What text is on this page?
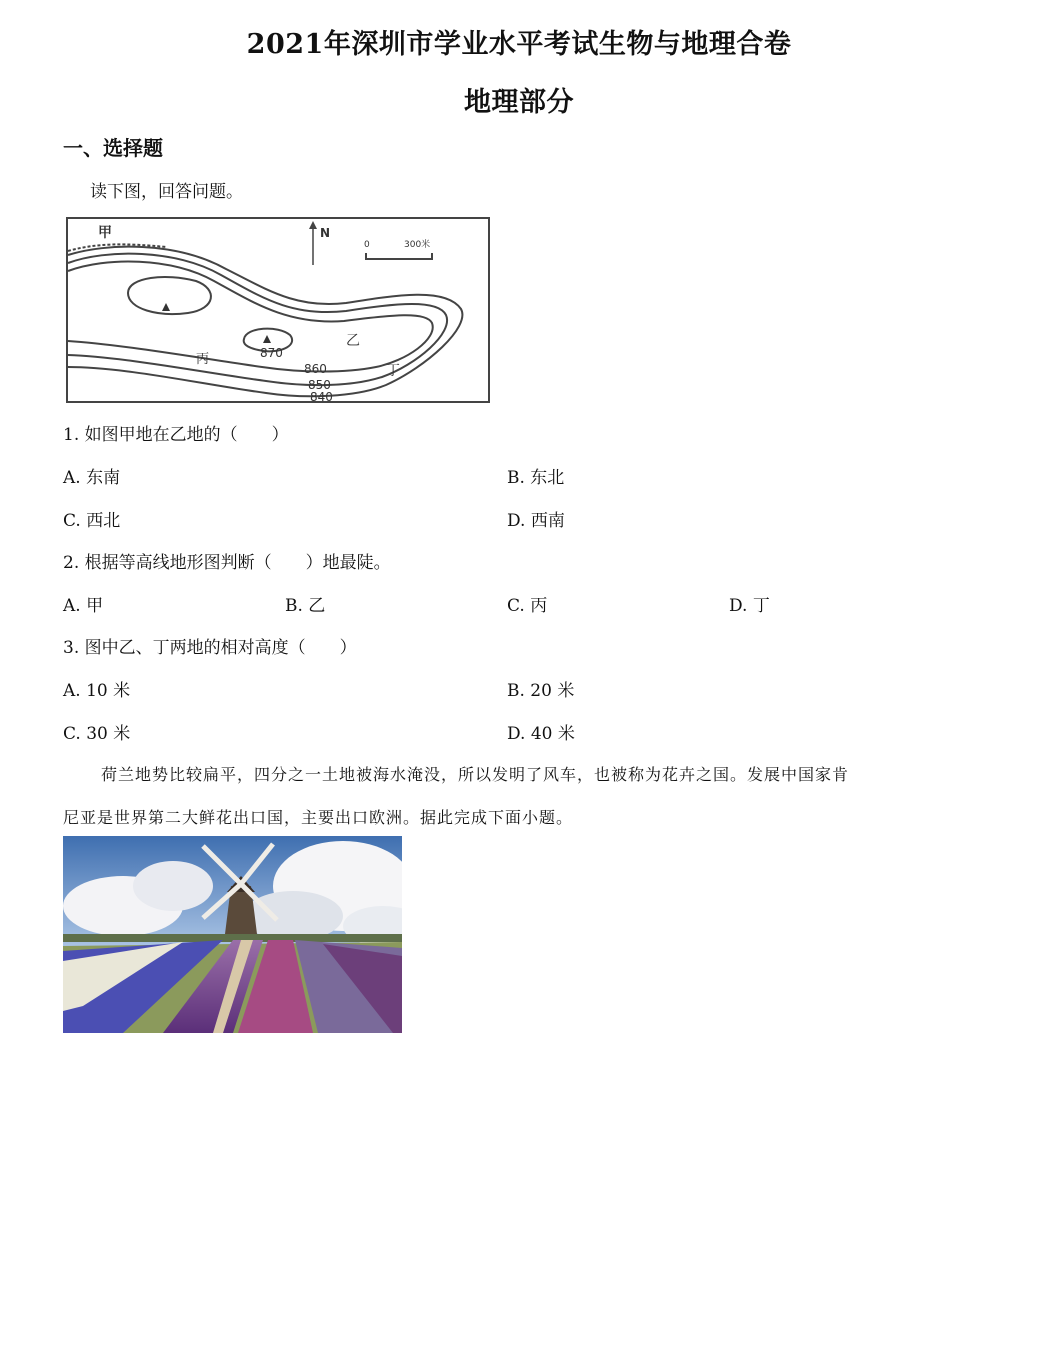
2021年深圳市学业水平考试生物与地理合卷
地理部分
一、选择题
读下图，回答问题。
甲	N
0	300米
乙
丙
丁
870
860
850
840
1. 如图甲地在乙地的（　　）
A. 东南	B. 东北
C. 西北	D. 西南
2. 根据等高线地形图判断（　　）地最陡。
A. 甲	B. 乙	C. 丙	D. 丁
3. 图中乙、丁两地的相对高度（　　）
A. 10 米	B. 20 米
C. 30 米	D. 40 米
荷兰地势比较扁平，四分之一土地被海水淹没，所以发明了风车，也被称为花卉之国。发展中国家肯
尼亚是世界第二大鲜花出口国，主要出口欧洲。据此完成下面小题。
